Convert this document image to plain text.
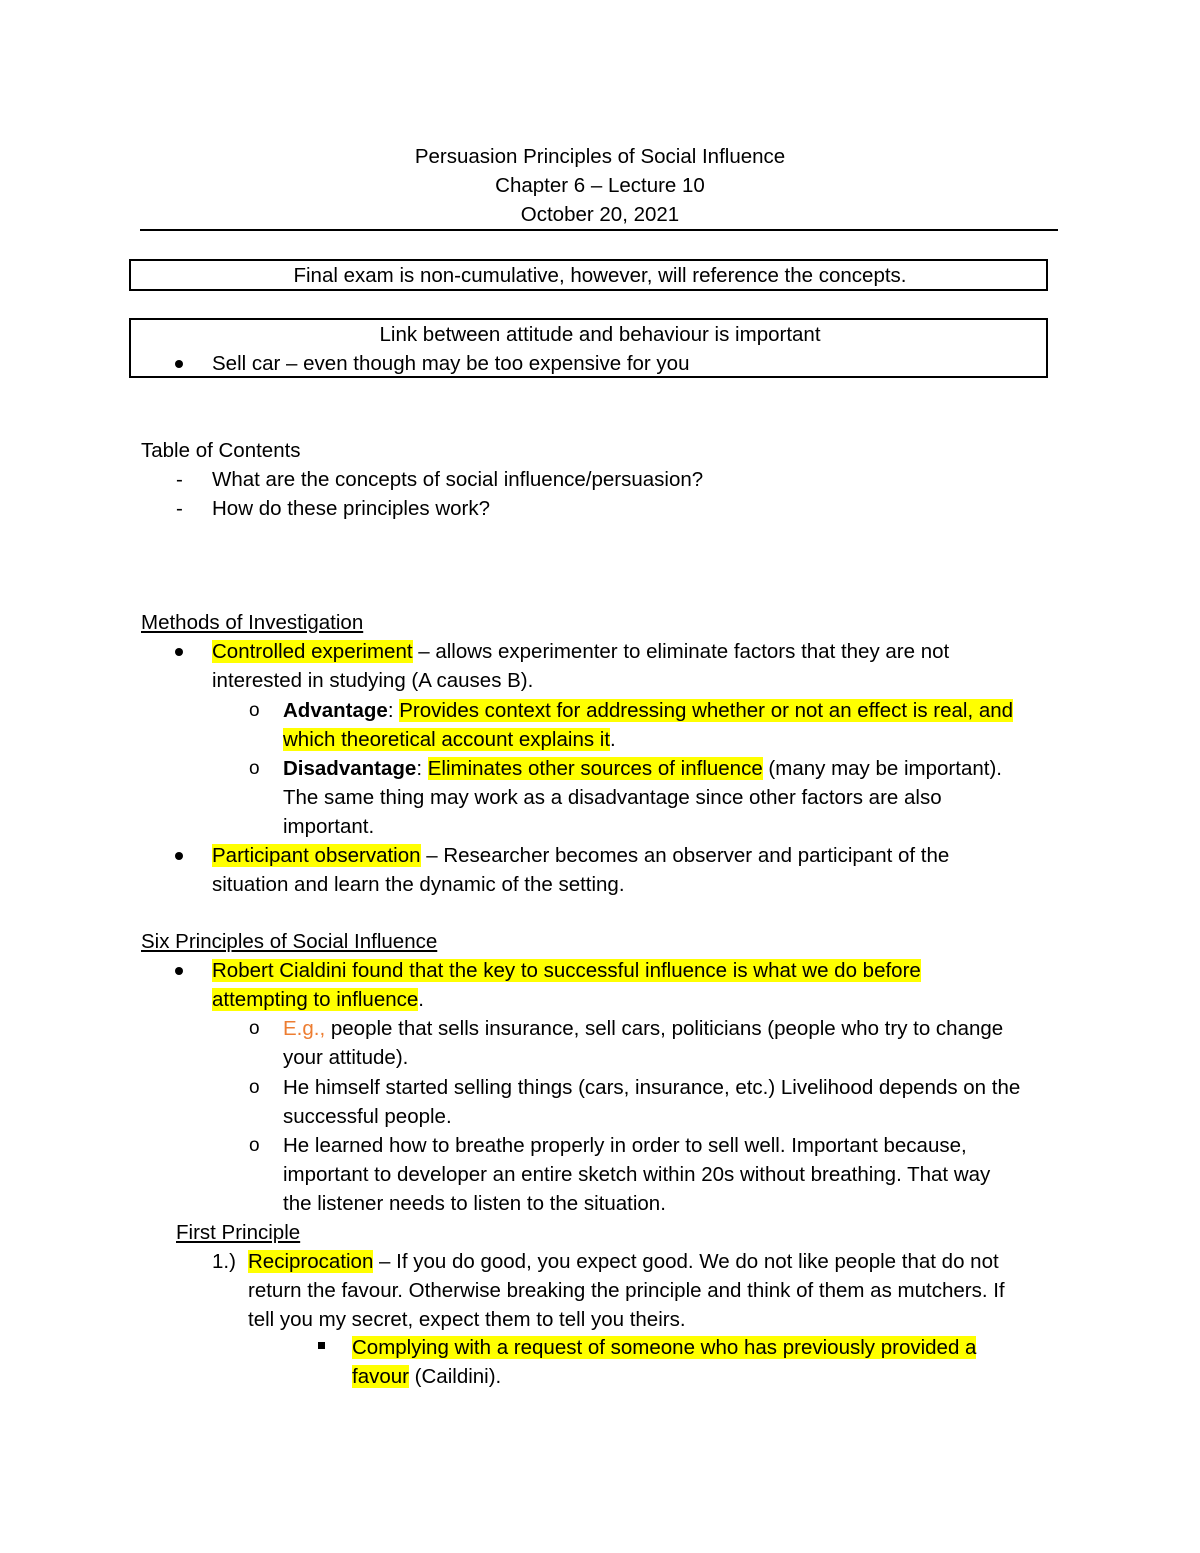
Persuasion Principles of Social Influence
Chapter 6 – Lecture 10
October 20, 2021
Final exam is non-cumulative, however, will reference the concepts.
Link between attitude and behaviour is important
Sell car – even though may be too expensive for you
Table of Contents
- What are the concepts of social influence/persuasion?
- How do these principles work?
Methods of Investigation
Controlled experiment – allows experimenter to eliminate factors that they are not
interested in studying (A causes B).
o Advantage: Provides context for addressing whether or not an effect is real, and
which theoretical account explains it.
o Disadvantage: Eliminates other sources of influence (many may be important).
The same thing may work as a disadvantage since other factors are also
important.
Participant observation – Researcher becomes an observer and participant of the
situation and learn the dynamic of the setting.
Six Principles of Social Influence
Robert Cialdini found that the key to successful influence is what we do before
attempting to influence.
o E.g., people that sells insurance, sell cars, politicians (people who try to change
your attitude).
o He himself started selling things (cars, insurance, etc.) Livelihood depends on the
successful people.
o He learned how to breathe properly in order to sell well. Important because,
important to developer an entire sketch within 20s without breathing. That way
the listener needs to listen to the situation.
First Principle
1.) Reciprocation – If you do good, you expect good. We do not like people that do not
return the favour. Otherwise breaking the principle and think of them as mutchers. If
tell you my secret, expect them to tell you theirs.
Complying with a request of someone who has previously provided a
favour (Caildini).
